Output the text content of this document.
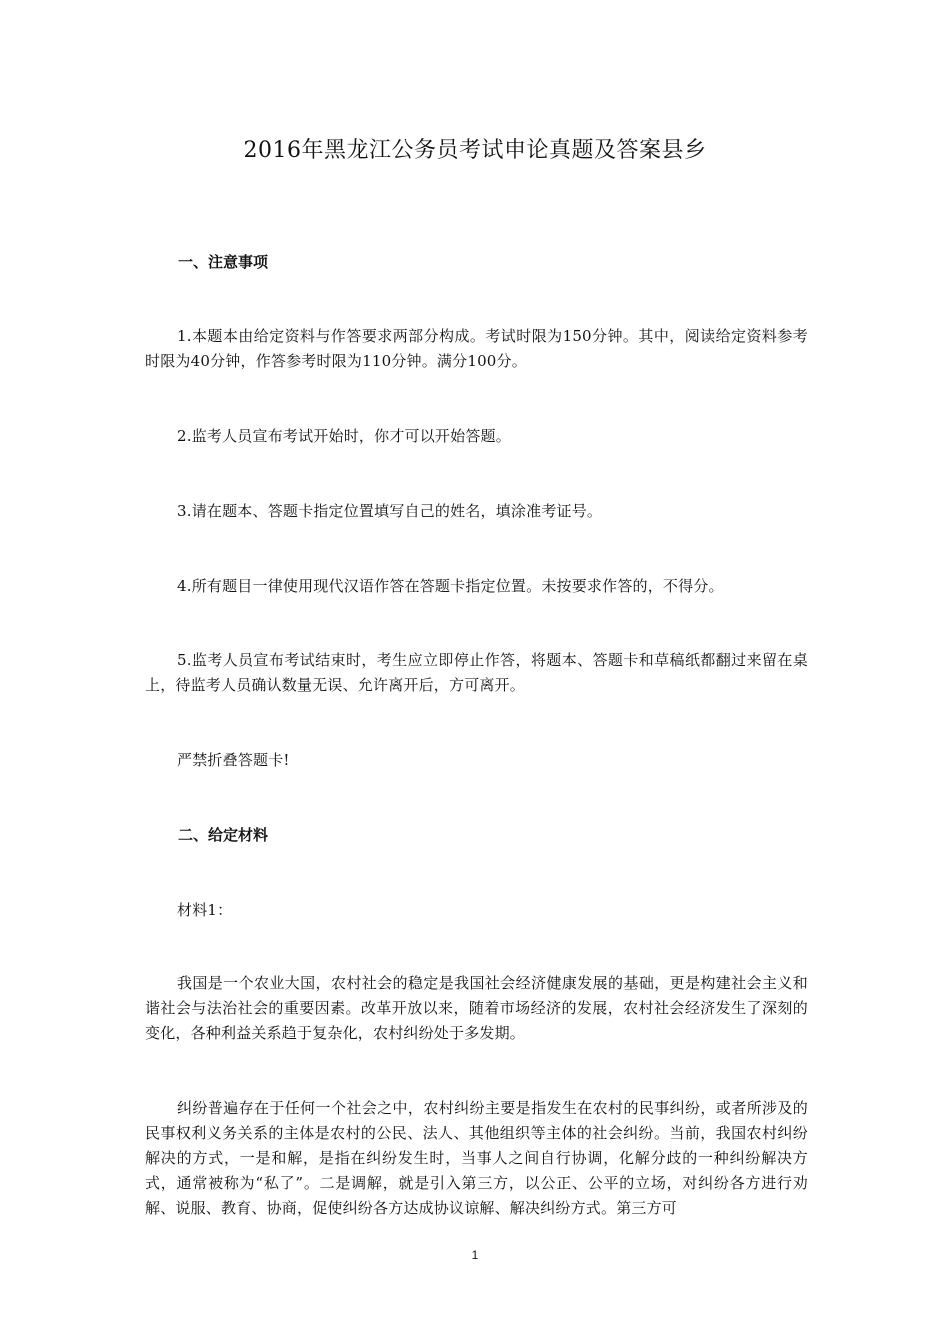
2016年黑龙江公务员考试申论真题及答案县乡
一、注意事项
1.本题本由给定资料与作答要求两部分构成。考试时限为150分钟。其中，阅读给定资料参考时限为40分钟，作答参考时限为110分钟。满分100分。
2.监考人员宣布考试开始时，你才可以开始答题。
3.请在题本、答题卡指定位置填写自己的姓名，填涂准考证号。
4.所有题目一律使用现代汉语作答在答题卡指定位置。未按要求作答的，不得分。
5.监考人员宣布考试结束时，考生应立即停止作答，将题本、答题卡和草稿纸都翻过来留在桌上，待监考人员确认数量无误、允许离开后，方可离开。
严禁折叠答题卡!
二、给定材料
材料1：
我国是一个农业大国，农村社会的稳定是我国社会经济健康发展的基础，更是构建社会主义和谐社会与法治社会的重要因素。改革开放以来，随着市场经济的发展，农村社会经济发生了深刻的变化，各种利益关系趋于复杂化，农村纠纷处于多发期。
纠纷普遍存在于任何一个社会之中，农村纠纷主要是指发生在农村的民事纠纷，或者所涉及的民事权利义务关系的主体是农村的公民、法人、其他组织等主体的社会纠纷。当前，我国农村纠纷解决的方式，一是和解，是指在纠纷发生时，当事人之间自行协调，化解分歧的一种纠纷解决方式，通常被称为“私了”。二是调解，就是引入第三方，以公正、公平的立场，对纠纷各方进行劝解、说服、教育、协商，促使纠纷各方达成协议谅解、解决纠纷方式。第三方可
1
